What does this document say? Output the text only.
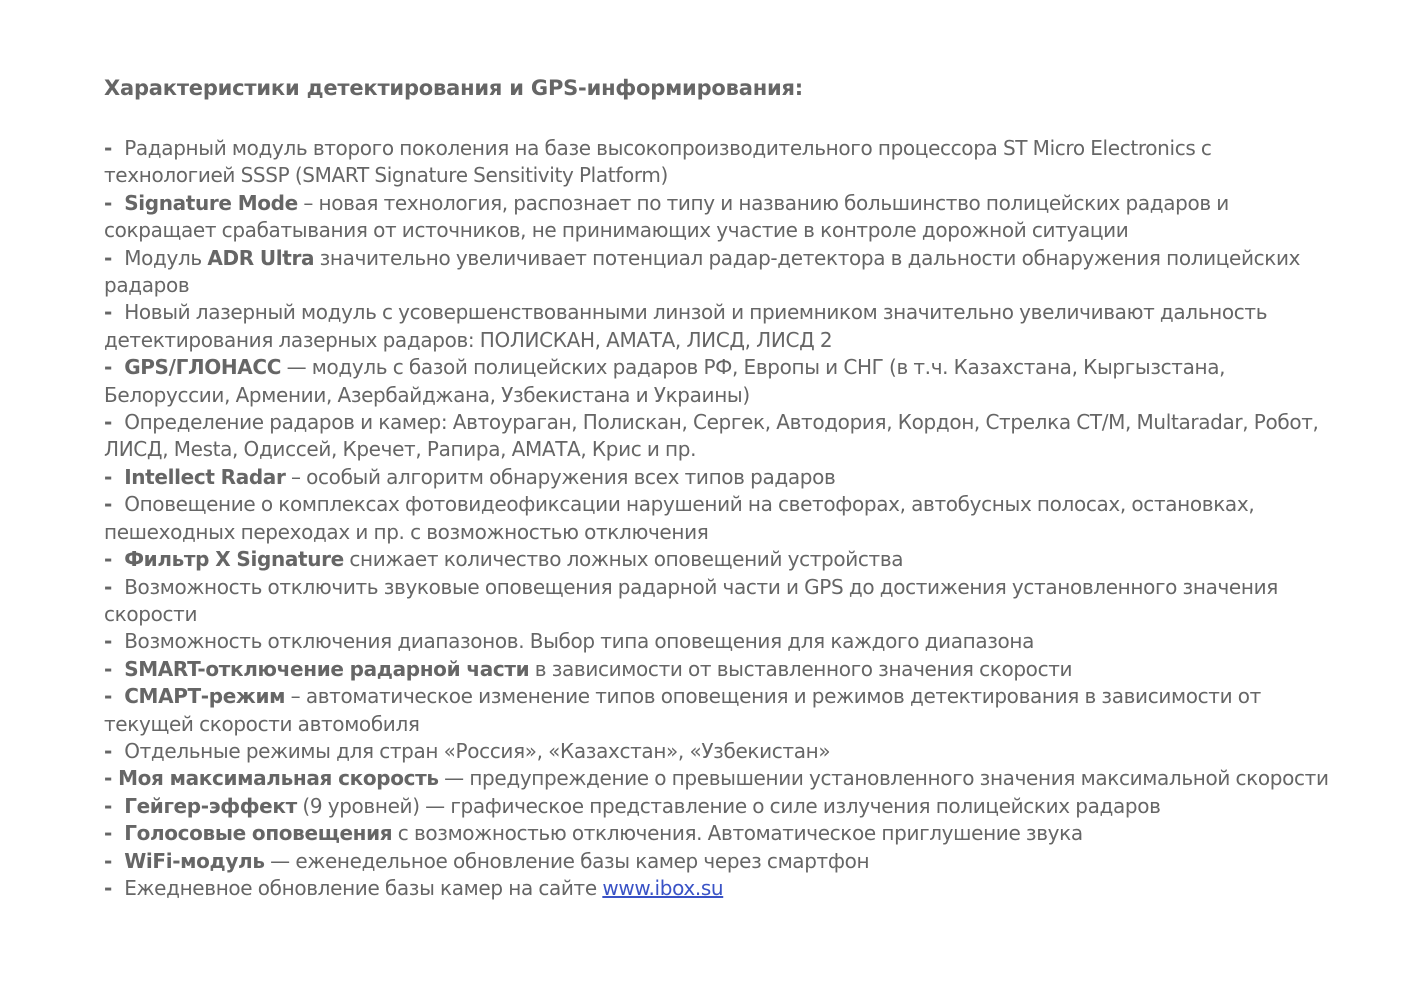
Характеристики детектирования и GPS-информирования:
-  Радарный модуль второго поколения на базе высокопроизводительного процессора ST Micro Electronics с технологией SSSP (SMART Signature Sensitivity Platform)
-  Signature Mode – новая технология, распознает по типу и названию большинство полицейских радаров и сокращает срабатывания от источников, не принимающих участие в контроле дорожной ситуации
-  Модуль ADR Ultra значительно увеличивает потенциал радар-детектора в дальности обнаружения полицейских радаров
-  Новый лазерный модуль с усовершенствованными линзой и приемником значительно увеличивают дальность детектирования лазерных радаров: ПОЛИСКАН, АМАТА, ЛИСД, ЛИСД 2
-  GPS/ГЛОНАСС — модуль с базой полицейских радаров РФ, Европы и СНГ (в т.ч. Казахстана, Кыргызстана, Белоруссии, Армении, Азербайджана, Узбекистана и Украины)
-  Определение радаров и камер: Автоураган, Полискан, Сергек, Автодория, Кордон, Стрелка СТ/М, Multaradar, Робот, ЛИСД, Mesta, Одиссей, Кречет, Рапира, АМАТА, Крис и пр.
-  Intellect Radar – особый алгоритм обнаружения всех типов радаров
-  Оповещение о комплексах фотовидеофиксации нарушений на светофорах, автобусных полосах, остановках, пешеходных переходах и пр. с возможностью отключения
-  Фильтр X Signature снижает количество ложных оповещений устройства
-  Возможность отключить звуковые оповещения радарной части и GPS до достижения установленного значения скорости
-  Возможность отключения диапазонов. Выбор типа оповещения для каждого диапазона
-  SMART-отключение радарной части в зависимости от выставленного значения скорости
-  СМАРТ-режим – автоматическое изменение типов оповещения и режимов детектирования в зависимости от текущей скорости автомобиля
-  Отдельные режимы для стран «Россия», «Казахстан», «Узбекистан»
- Моя максимальная скорость — предупреждение о превышении установленного значения максимальной скорости
-  Гейгер-эффект (9 уровней) — графическое представление о силе излучения полицейских радаров
-  Голосовые оповещения с возможностью отключения. Автоматическое приглушение звука
-  WiFi-модуль — еженедельное обновление базы камер через смартфон
-  Ежедневное обновление базы камер на сайте www.ibox.su
